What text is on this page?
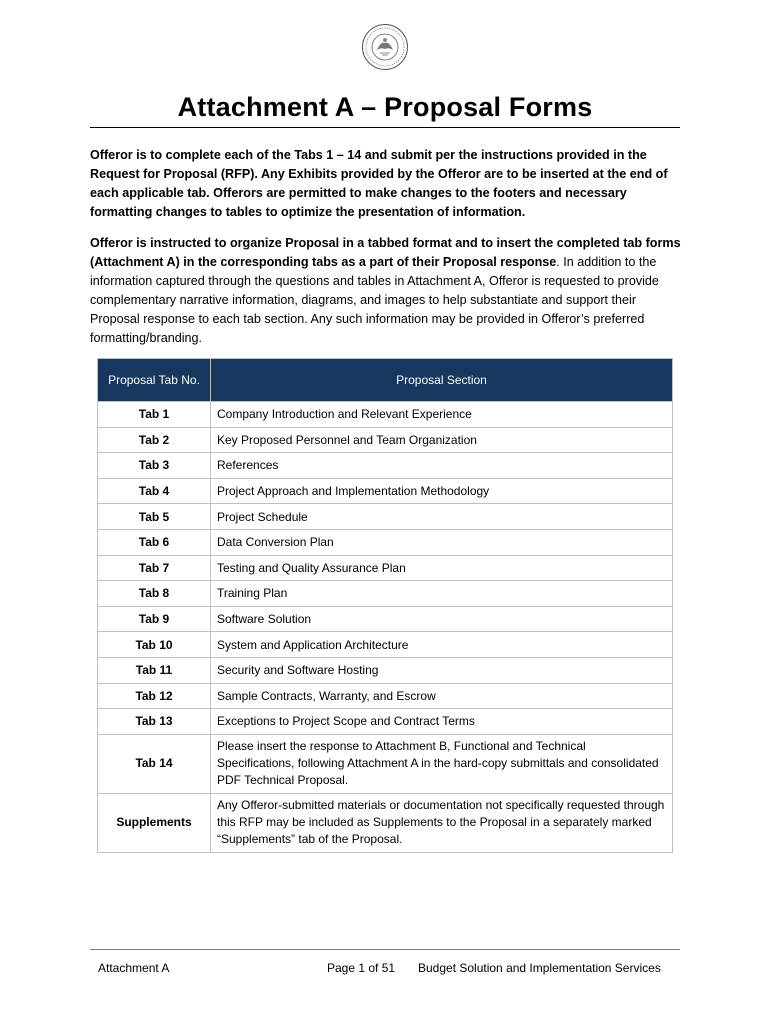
Attachment A – Proposal Forms

Offeror is to complete each of the Tabs 1 – 14 and submit per the instructions provided in the Request for Proposal (RFP). Any Exhibits provided by the Offeror are to be inserted at the end of each applicable tab. Offerors are permitted to make changes to the footers and necessary formatting changes to tables to optimize the presentation of information.

Offeror is instructed to organize Proposal in a tabbed format and to insert the completed tab forms (Attachment A) in the corresponding tabs as a part of their Proposal response. In addition to the information captured through the questions and tables in Attachment A, Offeror is requested to provide complementary narrative information, diagrams, and images to help substantiate and support their Proposal response to each tab section. Any such information may be provided in Offeror’s preferred formatting/branding.

Proposal Tab No.	Proposal Section
Tab 1	Company Introduction and Relevant Experience
Tab 2	Key Proposed Personnel and Team Organization
Tab 3	References
Tab 4	Project Approach and Implementation Methodology
Tab 5	Project Schedule
Tab 6	Data Conversion Plan
Tab 7	Testing and Quality Assurance Plan
Tab 8	Training Plan
Tab 9	Software Solution
Tab 10	System and Application Architecture
Tab 11	Security and Software Hosting
Tab 12	Sample Contracts, Warranty, and Escrow
Tab 13	Exceptions to Project Scope and Contract Terms
Tab 14	Please insert the response to Attachment B, Functional and Technical Specifications, following Attachment A in the hard-copy submittals and consolidated PDF Technical Proposal.
Supplements	Any Offeror-submitted materials or documentation not specifically requested through this RFP may be included as Supplements to the Proposal in a separately marked “Supplements” tab of the Proposal.
Attachment A	Page 1 of 51 Budget Solution and Implementation Services
